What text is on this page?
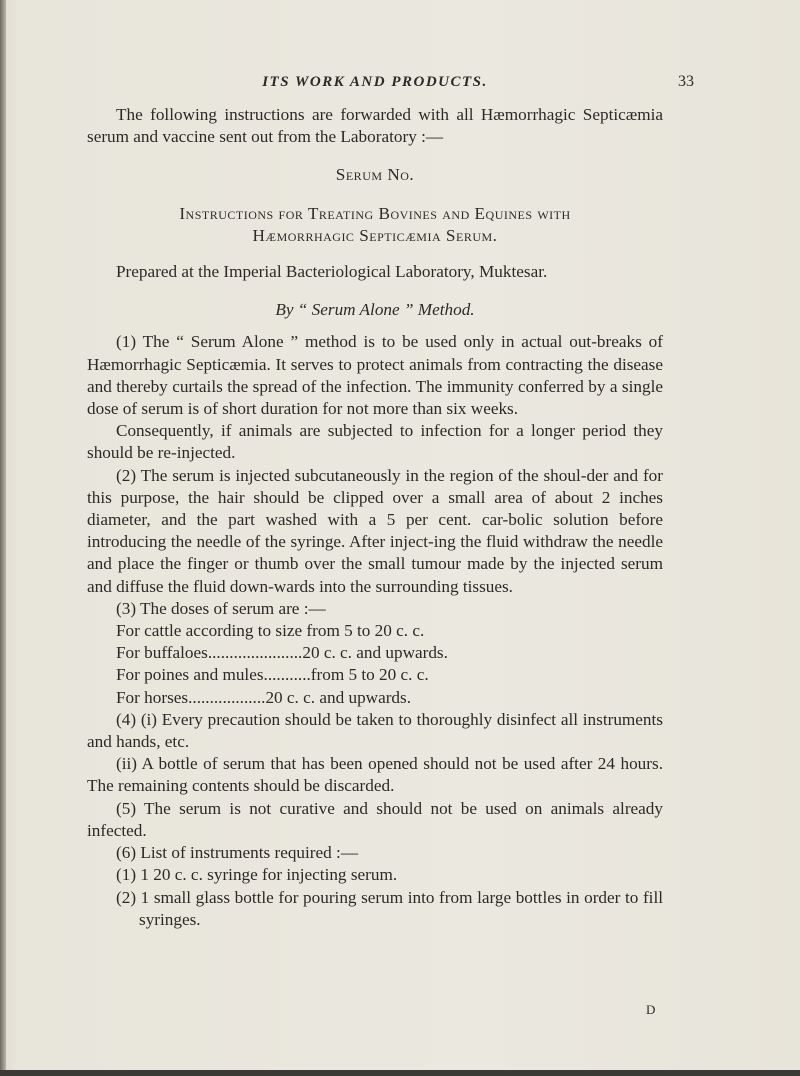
ITS WORK AND PRODUCTS.	33

The following instructions are forwarded with all Hæmorrhagic Septicæmia serum and vaccine sent out from the Laboratory :—

Serum No.

Instructions for Treating Bovines and Equines with

Hæmorrhagic Septicæmia Serum.

Prepared at the Imperial Bacteriological Laboratory, Muktesar.

By “ Serum Alone ” Method.

(1) The “ Serum Alone ” method is to be used only in actual out-breaks of Hæmorrhagic Septicæmia. It serves to protect animals from contracting the disease and thereby curtails the spread of the infection. The immunity conferred by a single dose of serum is of short duration for not more than six weeks.

Consequently, if animals are subjected to infection for a longer period they should be re-injected.

(2) The serum is injected subcutaneously in the region of the shoul-der and for this purpose, the hair should be clipped over a small area of about 2 inches diameter, and the part washed with a 5 per cent. car-bolic solution before introducing the needle of the syringe. After inject-ing the fluid withdraw the needle and place the finger or thumb over the small tumour made by the injected serum and diffuse the fluid down-wards into the surrounding tissues.

(3) The doses of serum are :—

For cattle according to size from 5 to 20 c. c.
For buffaloes......................20 c. c. and upwards.
For poines and mules...........from 5 to 20 c. c.
For horses..................20 c. c. and upwards.

(4) (i) Every precaution should be taken to thoroughly disinfect all instruments and hands, etc.

(ii) A bottle of serum that has been opened should not be used after 24 hours. The remaining contents should be discarded.

(5) The serum is not curative and should not be used on animals already infected.

(6) List of instruments required :—

(1) 1 20 c. c. syringe for injecting serum.

(2) 1 small glass bottle for pouring serum into from large bottles in order to fill syringes.

D
